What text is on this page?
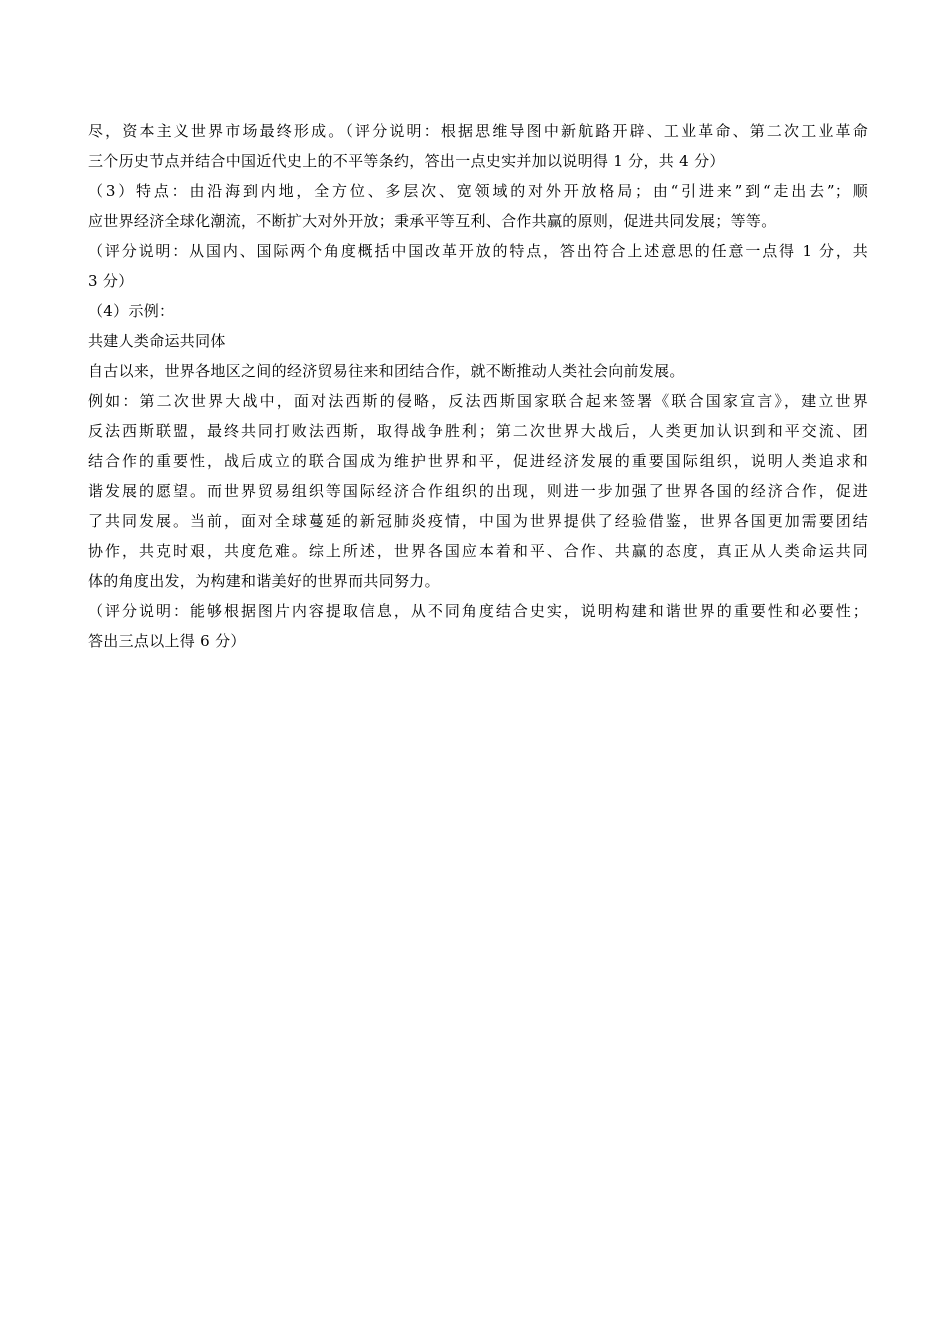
尽，资本主义世界市场最终形成。（评分说明：根据思维导图中新航路开辟、工业革命、第二次工业革命
三个历史节点并结合中国近代史上的不平等条约，答出一点史实并加以说明得 1 分，共 4 分）
（3）特点：由沿海到内地，全方位、多层次、宽领域的对外开放格局；由“引进来”到“走出去”；顺
应世界经济全球化潮流，不断扩大对外开放；秉承平等互利、合作共赢的原则，促进共同发展；等等。
（评分说明：从国内、国际两个角度概括中国改革开放的特点，答出符合上述意思的任意一点得 1 分，共
3 分）
（4）示例：
共建人类命运共同体
自古以来，世界各地区之间的经济贸易往来和团结合作，就不断推动人类社会向前发展。
例如：第二次世界大战中，面对法西斯的侵略，反法西斯国家联合起来签署《联合国家宣言》，建立世界
反法西斯联盟，最终共同打败法西斯，取得战争胜利；第二次世界大战后，人类更加认识到和平交流、团
结合作的重要性，战后成立的联合国成为维护世界和平，促进经济发展的重要国际组织，说明人类追求和
谐发展的愿望。而世界贸易组织等国际经济合作组织的出现，则进一步加强了世界各国的经济合作，促进
了共同发展。当前，面对全球蔓延的新冠肺炎疫情，中国为世界提供了经验借鉴，世界各国更加需要团结
协作，共克时艰，共度危难。综上所述，世界各国应本着和平、合作、共赢的态度，真正从人类命运共同
体的角度出发，为构建和谐美好的世界而共同努力。
（评分说明：能够根据图片内容提取信息，从不同角度结合史实，说明构建和谐世界的重要性和必要性；
答出三点以上得 6 分）
